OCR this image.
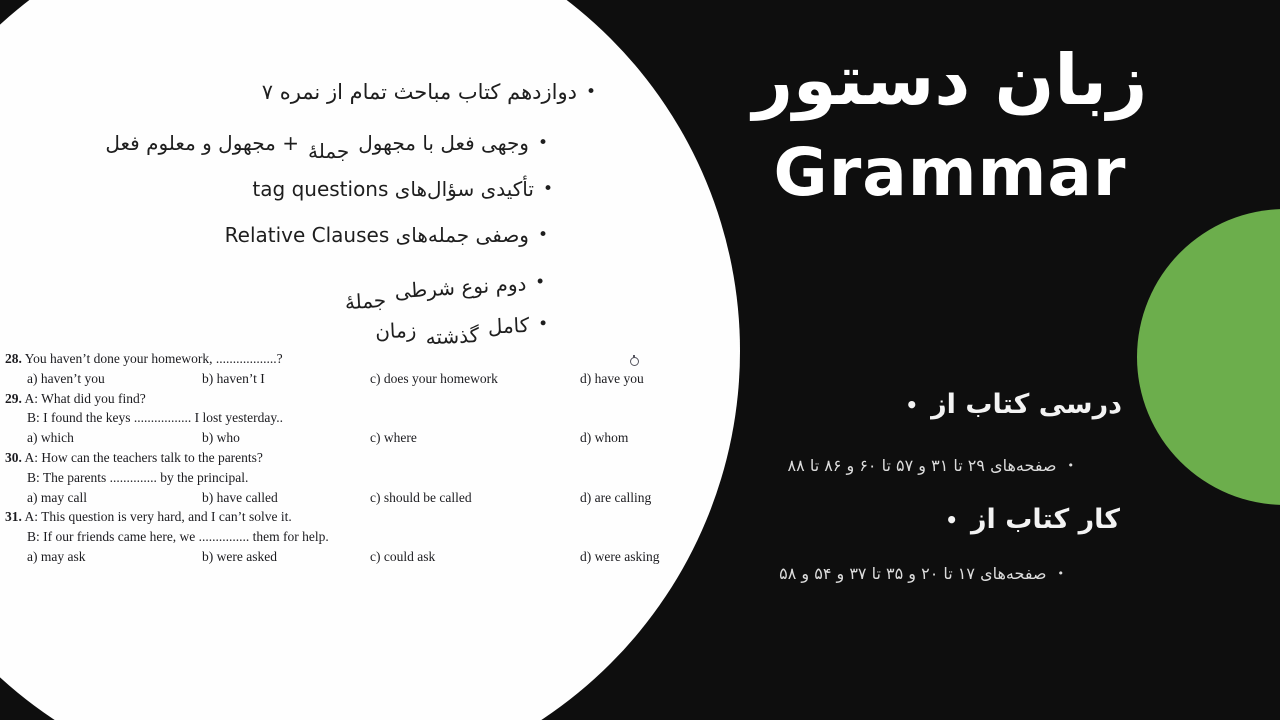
زبان دستور
Grammar
•
دوازدهم کتاب مباحث تمام از نمره ۷
•
وجهی فعل با مجهول
جملهٔ
+ مجهول و معلوم فعل
•
تأکیدی سؤال‌های tag questions
•
وصفی جمله‌های Relative Clauses
•
دوم نوع شرطی
جملهٔ
•
کامل
گذشته
زمان
28. You haven’t done your homework, ..................?
a) haven’t you	b) haven’t I	c) does your homework	d) have you
29. A: What did you find?
B: I found the keys ................. I lost yesterday..
a) which	b) who	c) where	d) whom
30. A: How can the teachers talk to the parents?
B: The parents .............. by the principal.
a) may call	b) have called	c) should be called	d) are calling
31. A: This question is very hard, and I can’t solve it.
B: If our friends came here, we ............... them for help.
a) may ask	b) were asked	c) could ask	d) were asking
درسی کتاب از
•
•
صفحه‌های ۲۹ تا ۳۱ و ۵۷ تا ۶۰ و ۸۶ تا ۸۸
کار کتاب از
•
•
صفحه‌های ۱۷ تا ۲۰ و ۳۵ تا ۳۷ و ۵۴ و ۵۸
